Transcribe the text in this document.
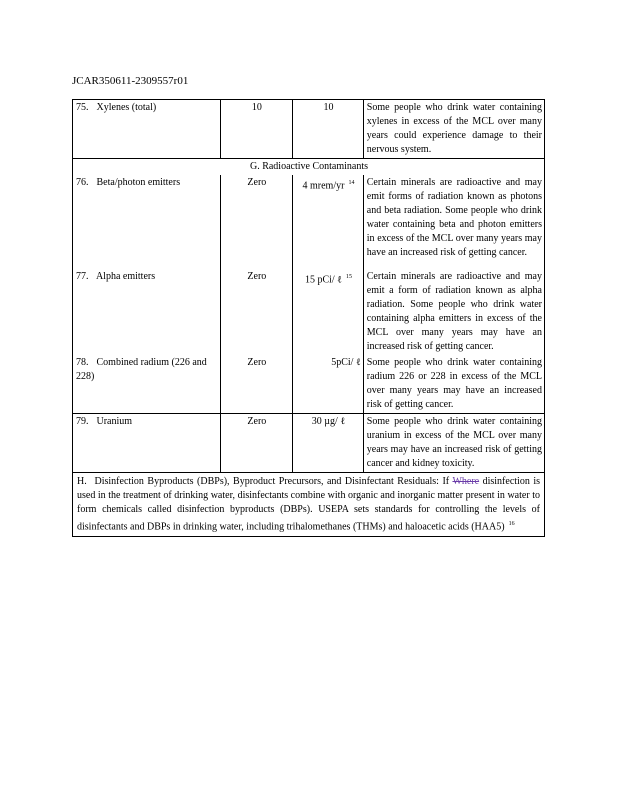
JCAR350611-2309557r01
75. Xylenes (total)	10	10	Some people who drink water containing xylenes in excess of the MCL over many years could experience damage to their nervous system.
G. Radioactive Contaminants			
76. Beta/photon emitters	Zero	4 mrem/yr $^{14}$	Certain minerals are radioactive and may emit forms of radiation known as photons and beta radiation. Some people who drink water containing beta and photon emitters in excess of the MCL over many years may have an increased risk of getting cancer.

77. Alpha emitters	Zero	15 pCi/ ℓ $^{15}$	Certain minerals are radioactive and may emit a form of radiation known as alpha radiation. Some people who drink water containing alpha emitters in excess of the MCL over many years may have an increased risk of getting cancer.
78. Combined radium (226 and 228)	Zero	5pCi/ ℓ	Some people who drink water containing radium 226 or 228 in excess of the MCL over many years may have an increased risk of getting cancer.
79. Uranium	Zero	30 µg/ ℓ	Some people who drink water containing uranium in excess of the MCL over many years may have an increased risk of getting cancer and kidney toxicity.
H. Disinfection Byproducts (DBPs), Byproduct Precursors, and Disinfectant Residuals: If Where disinfection is used in the treatment of drinking water, disinfectants combine with organic and inorganic matter present in water to form chemicals called disinfection byproducts (DBPs). USEPA sets standards for controlling the levels of disinfectants and DBPs in drinking water, including trihalomethanes (THMs) and haloacetic acids (HAA5) $^{16}$
